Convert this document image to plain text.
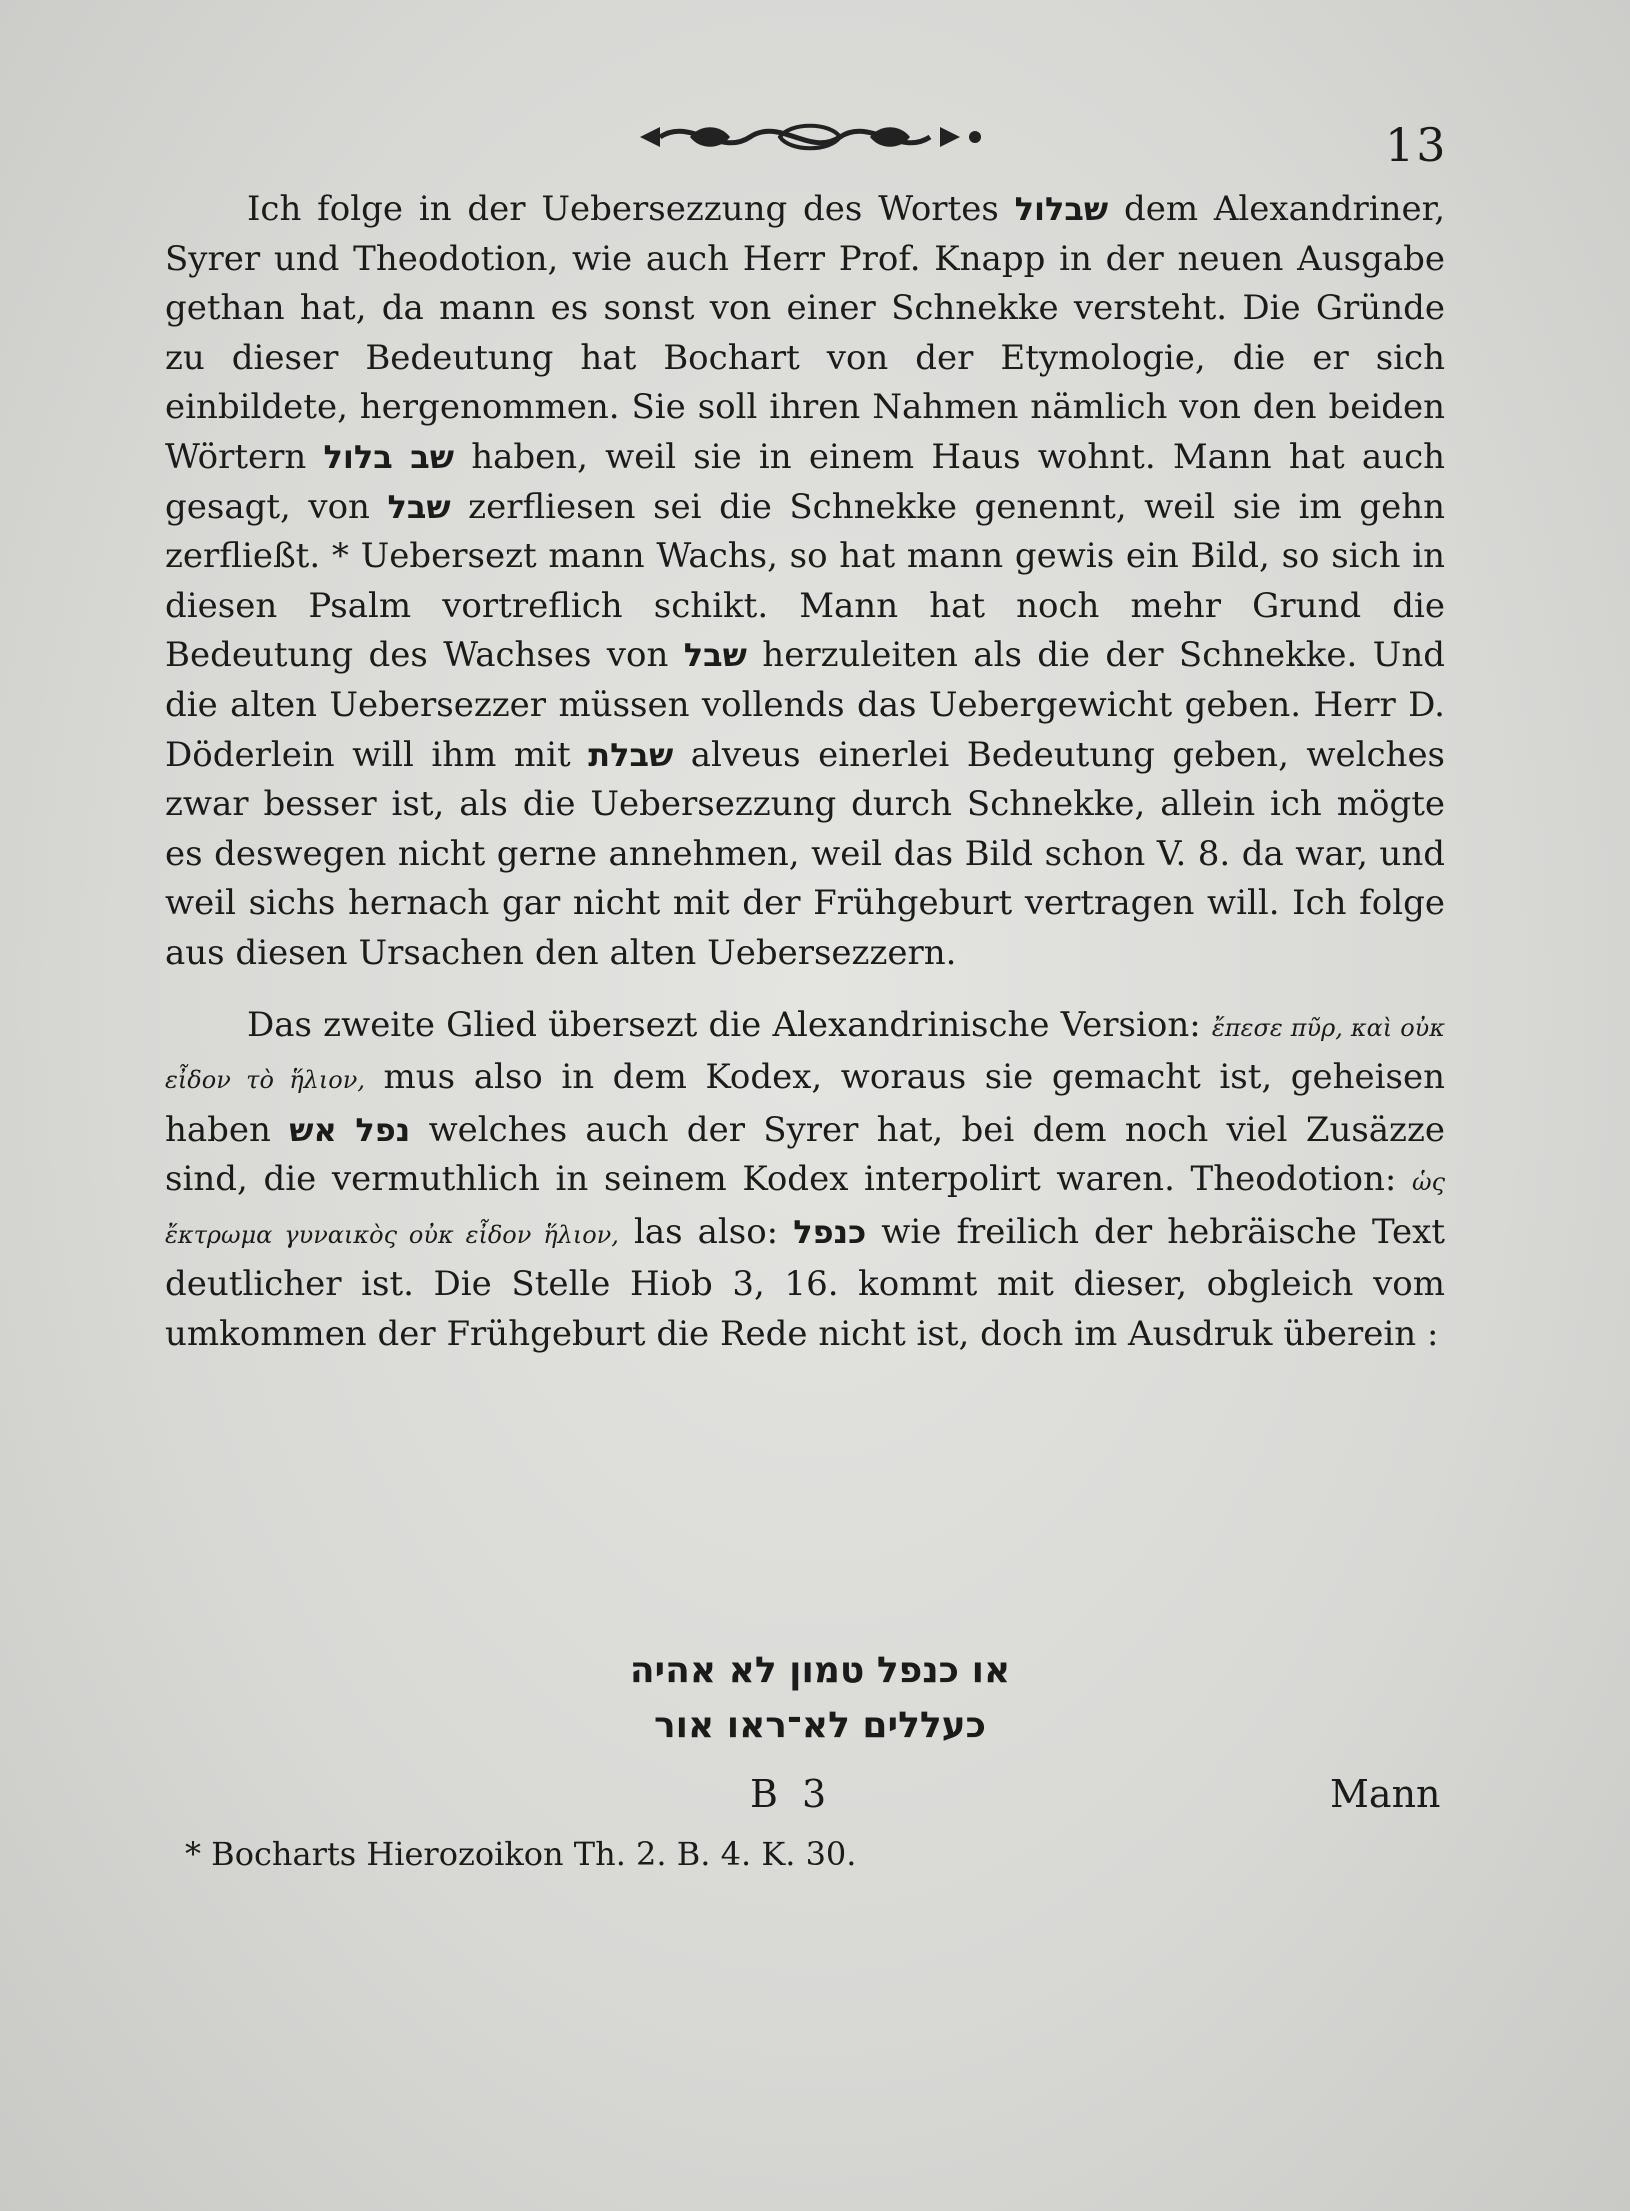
13

Ich folge in der Uebersezzung des Wortes שבלול dem Alexandriner, Syrer und Theodotion, wie auch Herr Prof. Knapp in der neuen Ausgabe gethan hat, da mann es sonst von einer Schnekke versteht. Die Gründe zu dieser Bedeutung hat Bochart von der Etymologie, die er sich einbildete, hergenommen. Sie soll ihren Nahmen nämlich von den beiden Wörtern שב בלול haben, weil sie in einem Haus wohnt. Mann hat auch gesagt, von שבל zerfliesen sei die Schnekke genennt, weil sie im gehn zerfließt. * Uebersezt mann Wachs, so hat mann gewis ein Bild, so sich in diesen Psalm vortreflich schikt. Mann hat noch mehr Grund die Bedeutung des Wachses von שבל herzuleiten als die der Schnekke. Und die alten Uebersezzer müssen vollends das Uebergewicht geben. Herr D. Döderlein will ihm mit שבלת alveus einerlei Bedeutung geben, welches zwar besser ist, als die Uebersezzung durch Schnekke, allein ich mögte es deswegen nicht gerne annehmen, weil das Bild schon V. 8. da war, und weil sichs hernach gar nicht mit der Frühgeburt vertragen will. Ich folge aus diesen Ursachen den alten Uebersezzern.

Das zweite Glied übersezt die Alexandrinische Version: ἔπεσε πῦρ, καὶ οὐκ εἶδον τὸ ἥλιον, mus also in dem Kodex, woraus sie gemacht ist, geheisen haben נפל אש welches auch der Syrer hat, bei dem noch viel Zusäzze sind, die vermuthlich in seinem Kodex interpolirt waren. Theodotion: ὡς ἔκτρωμα γυναικὸς οὐκ εἶδον ἥλιον, las also: כנפל wie freilich der hebräische Text deutlicher ist. Die Stelle Hiob 3, 16. kommt mit dieser, obgleich vom umkommen der Frühgeburt die Rede nicht ist, doch im Ausdruk überein :

או כנפל טמון לא אהיה
כעללים לא־ראו אור
B 3	Mann
* Bocharts Hierozoikon Th. 2. B. 4. K. 30.
